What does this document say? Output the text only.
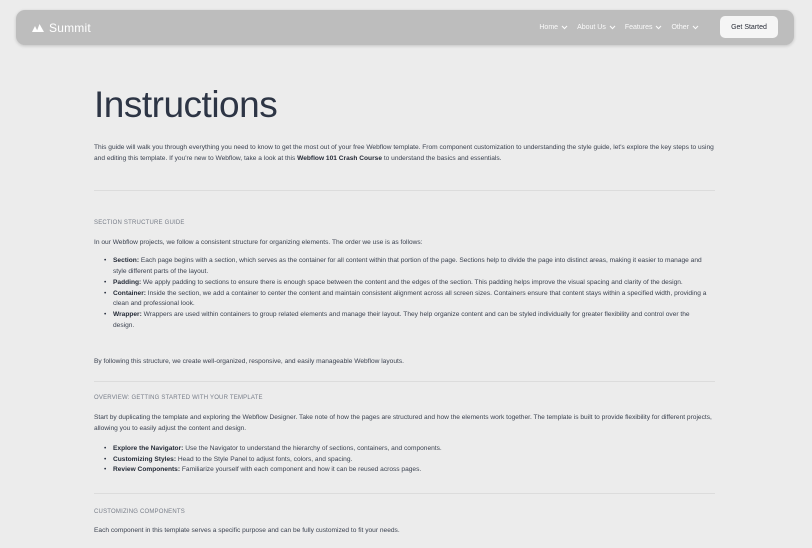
Summit	Home	About Us	Features	Other	Get Started
Instructions

This guide will walk you through everything you need to know to get the most out of your free Webflow template. From component customization to understanding the style guide, let's explore the key steps to using and editing this template. If you're new to Webflow, take a look at this Webflow 101 Crash Course to understand the basics and essentials.

SECTION STRUCTURE GUIDE

In our Webflow projects, we follow a consistent structure for organizing elements. The order we use is as follows:

• Section: Each page begins with a section, which serves as the container for all content within that portion of the page. Sections help to divide the page into distinct areas, making it easier to manage and style different parts of the layout.
• Padding: We apply padding to sections to ensure there is enough space between the content and the edges of the section. This padding helps improve the visual spacing and clarity of the design.
• Container: Inside the section, we add a container to center the content and maintain consistent alignment across all screen sizes. Containers ensure that content stays within a specified width, providing a clean and professional look.
• Wrapper: Wrappers are used within containers to group related elements and manage their layout. They help organize content and can be styled individually for greater flexibility and control over the design.

By following this structure, we create well-organized, responsive, and easily manageable Webflow layouts.

OVERVIEW: GETTING STARTED WITH YOUR TEMPLATE

Start by duplicating the template and exploring the Webflow Designer. Take note of how the pages are structured and how the elements work together. The template is built to provide flexibility for different projects, allowing you to easily adjust the content and design.

• Explore the Navigator: Use the Navigator to understand the hierarchy of sections, containers, and components.
• Customizing Styles: Head to the Style Panel to adjust fonts, colors, and spacing.
• Review Components: Familiarize yourself with each component and how it can be reused across pages.

CUSTOMIZING COMPONENTS

Each component in this template serves a specific purpose and can be fully customized to fit your needs.
